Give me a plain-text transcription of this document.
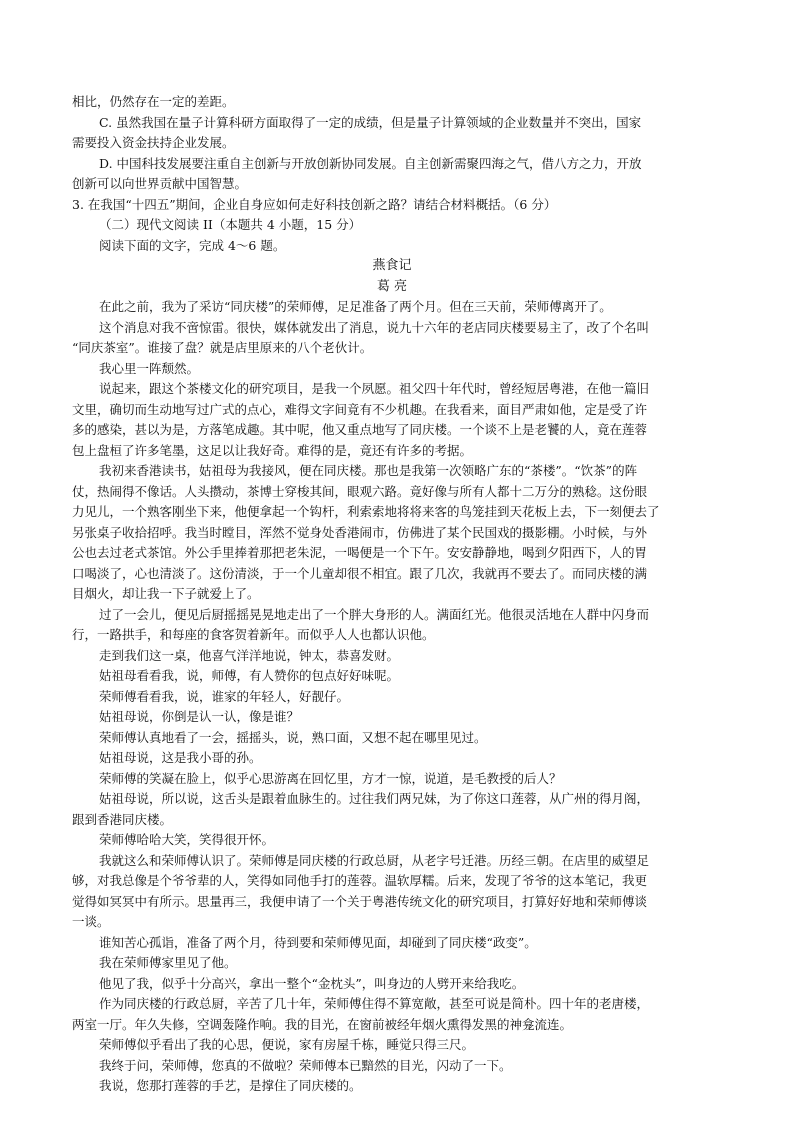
相比，仍然存在一定的差距。

C. 虽然我国在量子计算科研方面取得了一定的成绩，但是量子计算领域的企业数量并不突出，国家

需要投入资金扶持企业发展。

D. 中国科技发展要注重自主创新与开放创新协同发展。自主创新需聚四海之气，借八方之力，开放

创新可以向世界贡献中国智慧。

3. 在我国“十四五”期间，企业自身应如何走好科技创新之路？请结合材料概括。（6 分）

（二）现代文阅读 II（本题共 4 小题，15 分）

阅读下面的文字，完成 4～6 题。

燕食记

葛 亮

在此之前，我为了采访“同庆楼”的荣师傅，足足准备了两个月。但在三天前，荣师傅离开了。

这个消息对我不啻惊雷。很快，媒体就发出了消息，说九十六年的老店同庆楼要易主了，改了个名叫

“同庆茶室”。谁接了盘？就是店里原来的八个老伙计。

我心里一阵颓然。

说起来，跟这个茶楼文化的研究项目，是我一个夙愿。祖父四十年代时，曾经短居粤港，在他一篇旧

文里，确切而生动地写过广式的点心，难得文字间竟有不少机趣。在我看来，面目严肃如他，定是受了许

多的感染，甚以为是，方落笔成趣。其中呢，他又重点地写了同庆楼。一个谈不上是老饕的人，竟在莲蓉

包上盘桓了许多笔墨，这足以让我好奇。难得的是，竟还有许多的考据。

我初来香港读书，姑祖母为我接风，便在同庆楼。那也是我第一次领略广东的“茶楼”。“饮茶”的阵

仗，热闹得不像话。人头攒动，茶博士穿梭其间，眼观六路。竟好像与所有人都十二万分的熟稔。这份眼

力见儿，一个熟客刚坐下来，他便拿起一个钩杆，利索索地将将来客的鸟笼挂到天花板上去，下一刻便去了

另张桌子收拾招呼。我当时瞠目，浑然不觉身处香港闹市，仿佛进了某个民国戏的摄影棚。小时候，与外

公也去过老式茶馆。外公手里捧着那把老朱泥，一喝便是一个下午。安安静静地，喝到夕阳西下，人的胃

口喝淡了，心也清淡了。这份清淡，于一个儿童却很不相宜。跟了几次，我就再不要去了。而同庆楼的满

目烟火，却让我一下子就爱上了。

过了一会儿，便见后厨摇摇晃晃地走出了一个胖大身形的人。满面红光。他很灵活地在人群中闪身而

行，一路拱手，和每座的食客贺着新年。而似乎人人也都认识他。

走到我们这一桌，他喜气洋洋地说，钟太，恭喜发财。

姑祖母看看我，说，师傅，有人赞你的包点好好味呢。

荣师傅看看我，说，谁家的年轻人，好靓仔。

姑祖母说，你倒是认一认，像是谁？

荣师傅认真地看了一会，摇摇头，说，熟口面，又想不起在哪里见过。

姑祖母说，这是我小哥的孙。

荣师傅的笑凝在脸上，似乎心思游离在回忆里，方才一惊，说道，是毛教授的后人？

姑祖母说，所以说，这舌头是跟着血脉生的。过往我们两兄妹，为了你这口莲蓉，从广州的得月阁，

跟到香港同庆楼。

荣师傅哈哈大笑，笑得很开怀。

我就这么和荣师傅认识了。荣师傅是同庆楼的行政总厨，从老字号迁港。历经三朝。在店里的威望足

够，对我总像是个爷爷辈的人，笑得如同他手打的莲蓉。温软厚糯。后来，发现了爷爷的这本笔记，我更

觉得如冥冥中有所示。思量再三，我便申请了一个关于粤港传统文化的研究项目，打算好好地和荣师傅谈

一谈。

谁知苦心孤诣，准备了两个月，待到要和荣师傅见面，却碰到了同庆楼“政变”。

我在荣师傅家里见了他。

他见了我，似乎十分高兴，拿出一整个“金枕头”，叫身边的人劈开来给我吃。

作为同庆楼的行政总厨，辛苦了几十年，荣师傅住得不算宽敞，甚至可说是简朴。四十年的老唐楼，

两室一厅。年久失修，空调轰隆作响。我的目光，在窗前被经年烟火熏得发黑的神龛流连。

荣师傅似乎看出了我的心思，便说，家有房屋千栋，睡觉只得三尺。

我终于问，荣师傅，您真的不做啦？荣师傅本已黯然的目光，闪动了一下。

我说，您那打莲蓉的手艺，是撑住了同庆楼的。
